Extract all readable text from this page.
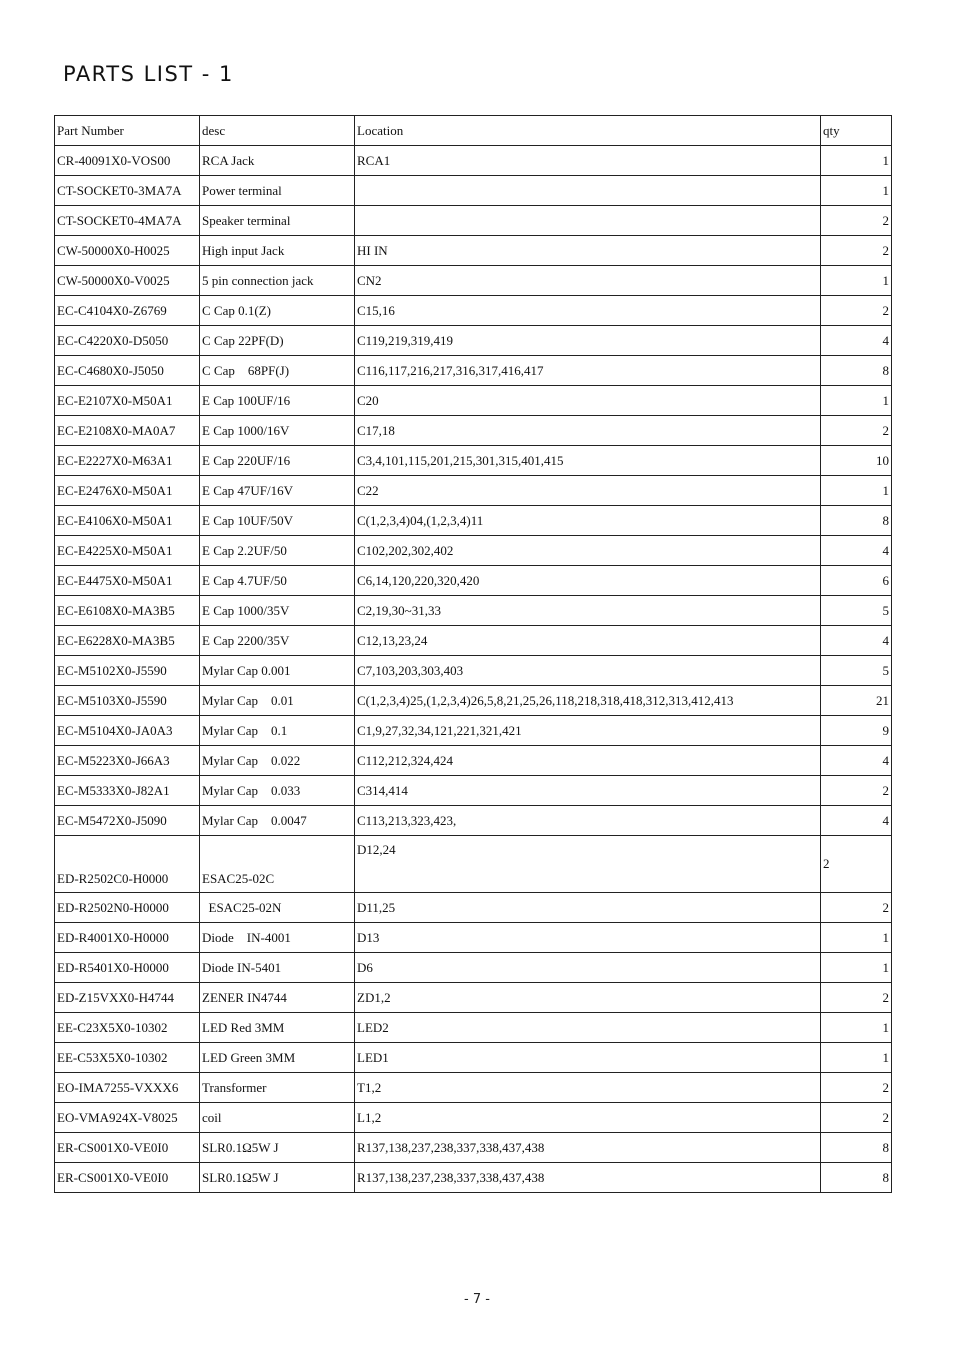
PARTS LIST - 1
Part Number	desc	Location	qty
CR-40091X0-VOS00	RCA Jack	RCA1	1
CT-SOCKET0-3MA7A	Power terminal		1
CT-SOCKET0-4MA7A	Speaker terminal		2
CW-50000X0-H0025	High input Jack	HI IN	2
CW-50000X0-V0025	5 pin connection jack	CN2	1
EC-C4104X0-Z6769	C Cap 0.1(Z)	C15,16	2
EC-C4220X0-D5050	C Cap 22PF(D)	C119,219,319,419	4
EC-C4680X0-J5050	C Cap    68PF(J)	C116,117,216,217,316,317,416,417	8
EC-E2107X0-M50A1	E Cap 100UF/16	C20	1
EC-E2108X0-MA0A7	E Cap 1000/16V	C17,18	2
EC-E2227X0-M63A1	E Cap 220UF/16	C3,4,101,115,201,215,301,315,401,415	10
EC-E2476X0-M50A1	E Cap 47UF/16V	C22	1
EC-E4106X0-M50A1	E Cap 10UF/50V	C(1,2,3,4)04,(1,2,3,4)11	8
EC-E4225X0-M50A1	E Cap 2.2UF/50	C102,202,302,402	4
EC-E4475X0-M50A1	E Cap 4.7UF/50	C6,14,120,220,320,420	6
EC-E6108X0-MA3B5	E Cap 1000/35V	C2,19,30~31,33	5
EC-E6228X0-MA3B5	E Cap 2200/35V	C12,13,23,24	4
EC-M5102X0-J5590	Mylar Cap 0.001	C7,103,203,303,403	5
EC-M5103X0-J5590	Mylar Cap    0.01	C(1,2,3,4)25,(1,2,3,4)26,5,8,21,25,26,118,218,318,418,312,313,412,413	21
EC-M5104X0-JA0A3	Mylar Cap    0.1	C1,9,27,32,34,121,221,321,421	9
EC-M5223X0-J66A3	Mylar Cap    0.022	C112,212,324,424	4
EC-M5333X0-J82A1	Mylar Cap    0.033	C314,414	2
EC-M5472X0-J5090	Mylar Cap    0.0047	C113,213,323,423,	4
ED-R2502C0-H0000	ESAC25-02C	D12,24	2
ED-R2502N0-H0000	ESAC25-02N	D11,25	2
ED-R4001X0-H0000	Diode    IN-4001	D13	1
ED-R5401X0-H0000	Diode IN-5401	D6	1
ED-Z15VXX0-H4744	ZENER IN4744	ZD1,2	2
EE-C23X5X0-10302	LED Red 3MM	LED2	1
EE-C53X5X0-10302	LED Green 3MM	LED1	1
EO-IMA7255-VXXX6	Transformer	T1,2	2
EO-VMA924X-V8025	coil	L1,2	2
ER-CS001X0-VE0I0	SLR0.1Ω5W J	R137,138,237,238,337,338,437,438	8
ER-CS001X0-VE0I0	SLR0.1Ω5W J	R137,138,237,238,337,338,437,438	8
- 7 -
